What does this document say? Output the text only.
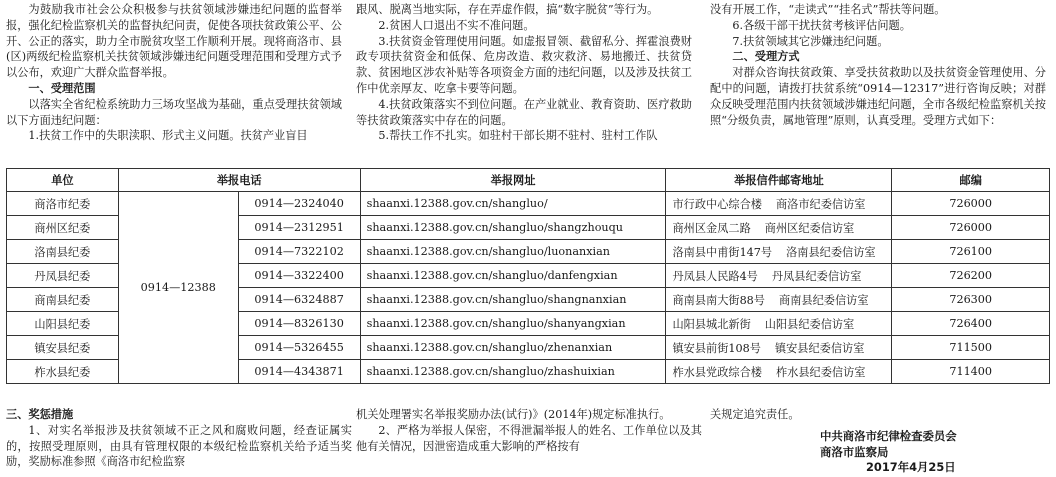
为鼓励我市社会公众积极参与扶贫领域涉嫌违纪问题的监督举报，强化纪检监察机关的监督执纪问责，促使各项扶贫政策公平、公开、公正的落实，助力全市脱贫攻坚工作顺利开展。现将商洛市、县(区)两级纪检监察机关扶贫领域涉嫌违纪问题受理范围和受理方式予以公布，欢迎广大群众监督举报。

一、受理范围

以落实全省纪检系统助力三场攻坚战为基础，重点受理扶贫领域以下方面违纪问题：

1.扶贫工作中的失职渎职、形式主义问题。扶贫产业盲目

跟风、脱离当地实际，存在弄虚作假，搞“数字脱贫”等行为。

2.贫困人口退出不实不准问题。

3.扶贫资金管理使用问题。如虚报冒领、截留私分、挥霍浪费财政专项扶贫资金和低保、危房改造、救灾救济、易地搬迁、扶贫贷款、贫困地区涉农补贴等各项资金方面的违纪问题，以及涉及扶贫工作中优亲厚友、吃拿卡要等问题。

4.扶贫政策落实不到位问题。在产业就业、教育资助、医疗救助等扶贫政策落实中存在的问题。

5.帮扶工作不扎实。如驻村干部长期不驻村、驻村工作队

没有开展工作，“走读式”“挂名式”帮扶等问题。

6.各级干部干扰扶贫考核评估问题。

7.扶贫领域其它涉嫌违纪问题。

二、受理方式

对群众咨询扶贫政策、享受扶贫救助以及扶贫资金管理使用、分配中的问题，请拨打扶贫系统“0914—12317”进行咨询反映；对群众反映受理范围内扶贫领域涉嫌违纪问题，全市各级纪检监察机关按照“分级负责，属地管理”原则，认真受理。受理方式如下：

单位	举报电话		举报网址	举报信件邮寄地址	邮编
商洛市纪委	0914—12388	0914—2324040	shaanxi.12388.gov.cn/shangluo/	市行政中心综合楼 商洛市纪委信访室	726000
商州区纪委		0914—2312951	shaanxi.12388.gov.cn/shangluo/shangzhouqu	商州区金凤二路 商州区纪委信访室	726000
洛南县纪委		0914—7322102	shaanxi.12388.gov.cn/shangluo/luonanxian	洛南县中甫街147号 洛南县纪委信访室	726100
丹凤县纪委		0914—3322400	shaanxi.12388.gov.cn/shangluo/danfengxian	丹凤县人民路4号 丹凤县纪委信访室	726200
商南县纪委		0914—6324887	shaanxi.12388.gov.cn/shangluo/shangnanxian	商南县南大街88号 商南县纪委信访室	726300
山阳县纪委		0914—8326130	shaanxi.12388.gov.cn/shangluo/shanyangxian	山阳县城北新街 山阳县纪委信访室	726400
镇安县纪委		0914—5326455	shaanxi.12388.gov.cn/shangluo/zhenanxian	镇安县前街108号 镇安县纪委信访室	711500
柞水县纪委		0914—4343871	shaanxi.12388.gov.cn/shangluo/zhashuixian	柞水县党政综合楼 柞水县纪委信访室	711400

三、奖惩措施

1、对实名举报涉及扶贫领域不正之风和腐败问题，经查证属实的，按照受理原则，由具有管理权限的本级纪检监察机关给予适当奖励，奖励标准参照《商洛市纪检监察

机关处理署实名举报奖励办法(试行)》(2014年)规定标准执行。

2、严格为举报人保密，不得泄漏举报人的姓名、工作单位以及其他有关情况，因泄密造成重大影响的严格按有

关规定追究责任。

中共商洛市纪律检查委员会
商洛市监察局
2017年4月25日
